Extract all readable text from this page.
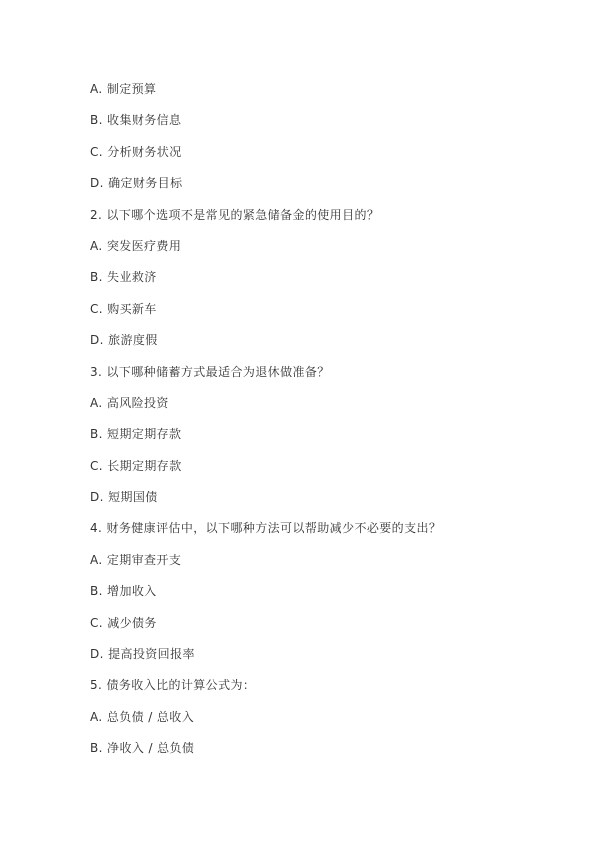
A. 制定预算
B. 收集财务信息
C. 分析财务状况
D. 确定财务目标
2. 以下哪个选项不是常见的紧急储备金的使用目的？
A. 突发医疗费用
B. 失业救济
C. 购买新车
D. 旅游度假
3. 以下哪种储蓄方式最适合为退休做准备？
A. 高风险投资
B. 短期定期存款
C. 长期定期存款
D. 短期国债
4. 财务健康评估中，以下哪种方法可以帮助减少不必要的支出？
A. 定期审查开支
B. 增加收入
C. 减少债务
D. 提高投资回报率
5. 债务收入比的计算公式为：
A. 总负债 / 总收入
B. 净收入 / 总负债
